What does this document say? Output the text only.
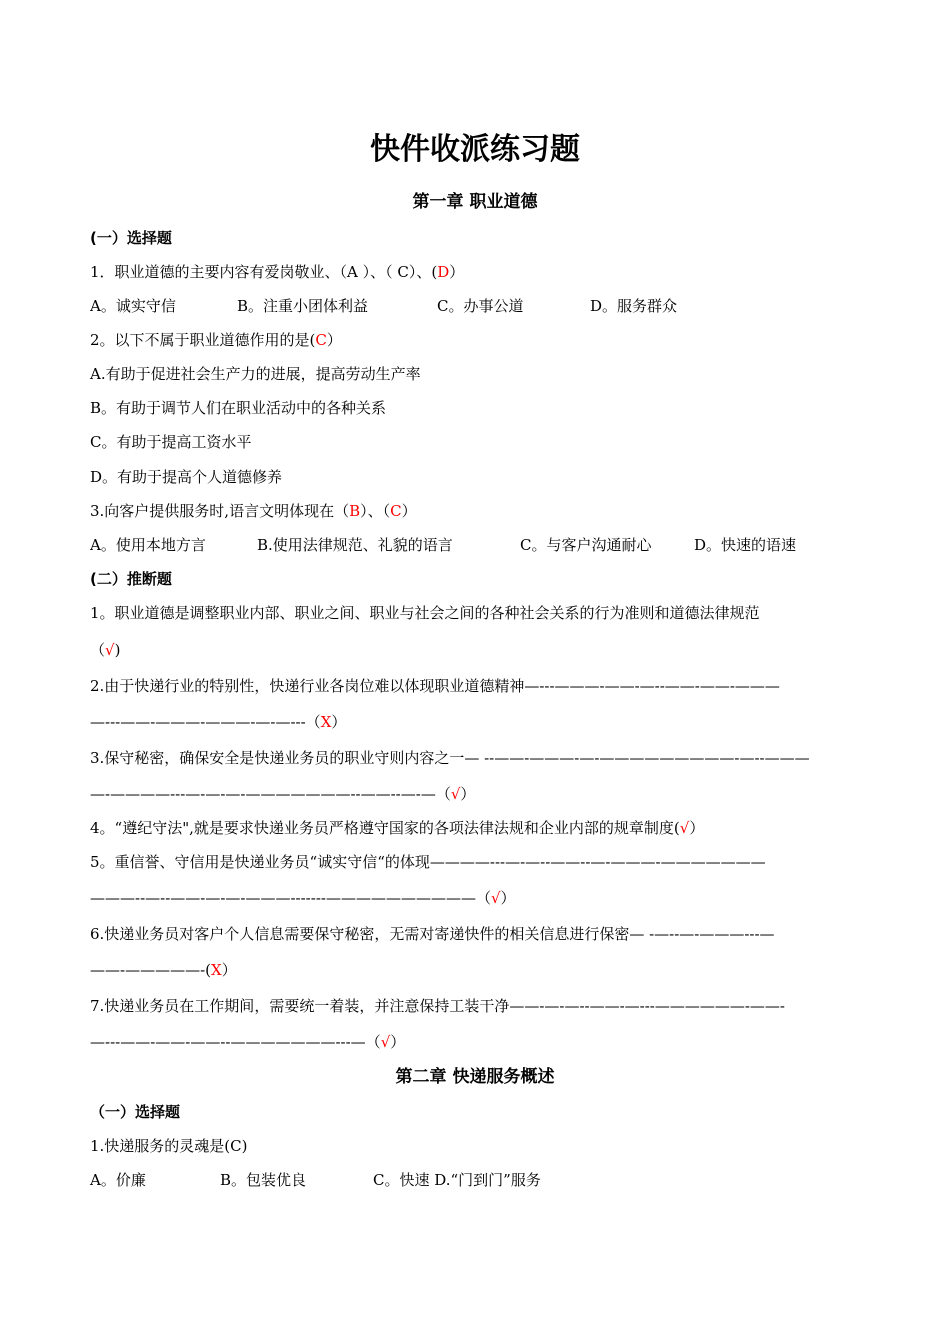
快件收派练习题
第一章 职业道德
(一）选择题
1．职业道德的主要内容有爱岗敬业、（A ）、（ C）、(D）
A。诚实守信	B。注重小团体利益	C。办事公道	D。服务群众
2。以下不属于职业道德作用的是(C）
A.有助于促进社会生产力的进展，提高劳动生产率
B。有助于调节人们在职业活动中的各种关系
C。有助于提高工资水平
D。有助于提高个人道德修养
3.向客户提供服务时,语言文明体现在（B）、（C）
A。使用本地方言	B.使用法律规范、礼貌的语言	C。与客户沟通耐心	D。快速的语速
(二）推断题
1。职业道德是调整职业内部、职业之间、职业与社会之间的各种社会关系的行为准则和道德法律规范
（√)
2.由于快递行业的特别性，快递行业各岗位难以体现职业道德精神—---———-——-—--——-——-———
—---——-———-———-—-—---（X）
3.保守秘密，确保安全是快递业务员的职业守则内容之一— --——-———-—-—————————-—--———
—-————---—-—-—-———————--——--—-—（√）
4。“遵纪守法",就是要求快递业务员严格遵守国家的各项法律法规和企业内部的规章制度(√）
5。重信誉、守信用是快递业务员“诚实守信“的体现————---—-—--——--—-———-———————
———--—--——-—-—-———-------——————————（√）
6.快递业务员对客户个人信息需要保守秘密，无需对寄递快件的相关信息进行保密— -—--—-———---—
——-—————-(X）
7.快递业务员在工作期间，需要统一着装，并注意保持工装干净——-—-—--——-—---——————-——-
—---——-——-——--———————---—（√）
第二章 快递服务概述
（一）选择题
1.快递服务的灵魂是(C)
A。价廉	B。包装优良	C。快速 D.“门到门”服务
